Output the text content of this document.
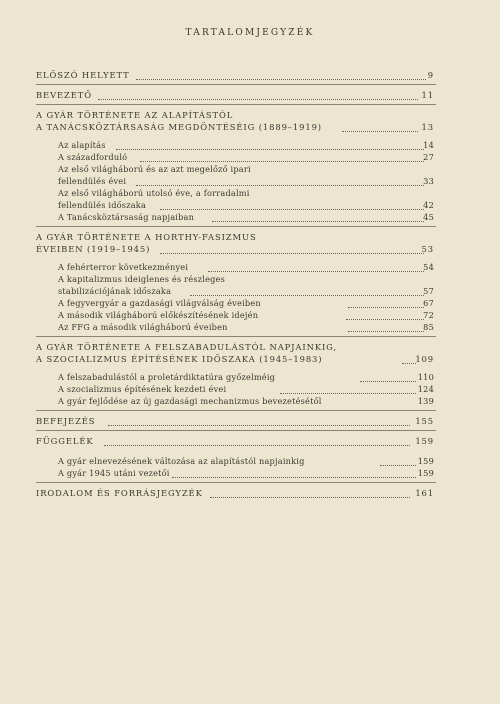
TARTALOMJEGYZÉK
ELŐSZÓ HELYETT	9
BEVEZETŐ	11
A GYÁR TÖRTÉNETE AZ ALAPÍTÁSTÓL
A TANÁCSKÖZTÁRSASÁG MEGDÖNTÉSÉIG (1889–1919)	13
Az alapítás	14
A századforduló	27
Az első világháború és az azt megelőző ipari
fellendülés évei	33
Az első világháború utolsó éve, a forradalmi
fellendülés időszaka	42
A Tanácsköztársaság napjaiban	45
A GYÁR TÖRTÉNETE A HORTHY-FASIZMUS
ÉVEIBEN (1919–1945)	53
A fehérterror következményei	54
A kapitalizmus ideiglenes és részleges
stabilizációjának időszaka	57
A fegyvergyár a gazdasági világválság éveiben	67
A második világháború előkészítésének idején	72
Az FFG a második világháború éveiben	85
A GYÁR TÖRTÉNETE A FELSZABADULÁSTÓL NAPJAINKIG,
A SZOCIALIZMUS ÉPÍTÉSÉNEK IDŐSZAKA (1945–1983)	109
A felszabadulástól a proletárdiktatúra győzelméig	110
A szocializmus építésének kezdeti évei	124
A gyár fejlődése az új gazdasági mechanizmus bevezetésétől	139
BEFEJEZÉS	155
FÜGGELÉK	159
A gyár elnevezésének változása az alapítástól napjainkig	159
A gyár 1945 utáni vezetői	159
IRODALOM ÉS FORRÁSJEGYZÉK	161
